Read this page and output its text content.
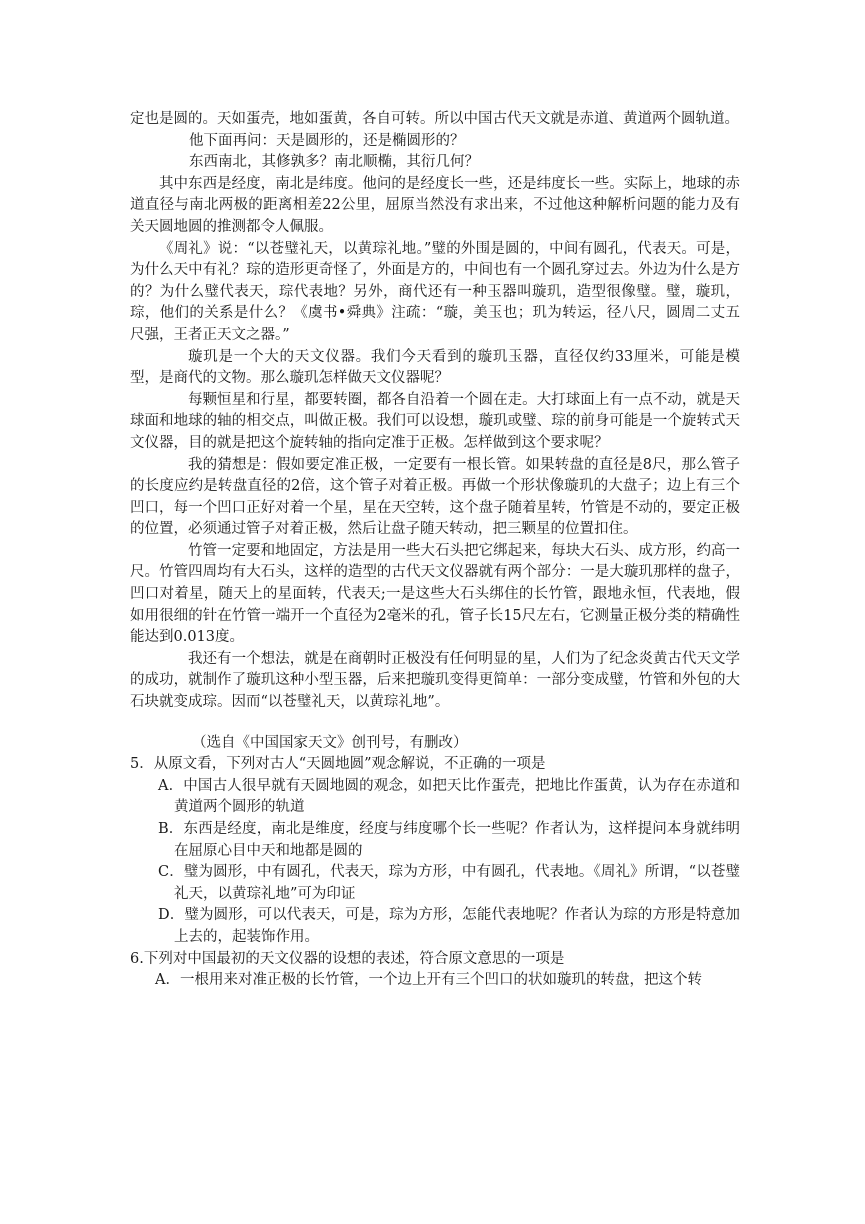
定也是圆的。天如蛋壳，地如蛋黄，各自可转。所以中国古代天文就是赤道、黄道两个圆轨道。

他下面再问：天是圆形的，还是椭圆形的？

东西南北，其修孰多？南北顺椭，其衍几何？

其中东西是经度，南北是纬度。他问的是经度长一些，还是纬度长一些。实际上，地球的赤道直径与南北两极的距离相差22公里，屈原当然没有求出来，不过他这种解析问题的能力及有关天圆地圆的推测都令人佩服。

《周礼》说：“以苍璧礼天，以黄琮礼地。”璧的外围是圆的，中间有圆孔，代表天。可是，为什么天中有礼？琮的造形更奇怪了，外面是方的，中间也有一个圆孔穿过去。外边为什么是方的？为什么璧代表天，琮代表地？另外，商代还有一种玉器叫璇玑，造型很像璧。璧，璇玑，琮，他们的关系是什么？《虞书•舜典》注疏：“璇，美玉也；玑为转运，径八尺，圆周二丈五尺强，王者正天文之器。”

璇玑是一个大的天文仪器。我们今天看到的璇玑玉器，直径仅约33厘米，可能是模型，是商代的文物。那么璇玑怎样做天文仪器呢？

每颗恒星和行星，都要转圈，都各自沿着一个圆在走。大打球面上有一点不动，就是天球面和地球的轴的相交点，叫做正极。我们可以设想，璇玑或璧、琮的前身可能是一个旋转式天文仪器，目的就是把这个旋转轴的指向定准于正极。怎样做到这个要求呢？

我的猜想是：假如要定准正极，一定要有一根长管。如果转盘的直径是8尺，那么管子的长度应约是转盘直径的2倍，这个管子对着正极。再做一个形状像璇玑的大盘子；边上有三个凹口，每一个凹口正好对着一个星，星在天空转，这个盘子随着星转，竹管是不动的，要定正极的位置，必须通过管子对着正极，然后让盘子随天转动，把三颗星的位置扣住。

竹管一定要和地固定，方法是用一些大石头把它绑起来，每块大石头、成方形，约高一尺。竹管四周均有大石头，这样的造型的古代天文仪器就有两个部分：一是大璇玑那样的盘子，凹口对着星，随天上的星面转，代表天;一是这些大石头绑住的长竹管，跟地永恒，代表地，假如用很细的针在竹管一端开一个直径为2毫米的孔，管子长15尺左右，它测量正极分类的精确性能达到0.013度。

我还有一个想法，就是在商朝时正极没有任何明显的星，人们为了纪念炎黄古代天文学的成功，就制作了璇玑这种小型玉器，后来把璇玑变得更简单：一部分变成璧，竹管和外包的大石块就变成琮。因而“以苍璧礼天，以黄琮礼地”。

（选自《中国国家天文》创刊号，有删改）

5．从原文看，下列对古人“天圆地圆”观念解说，不正确的一项是

A．中国古人很早就有天圆地圆的观念，如把天比作蛋壳，把地比作蛋黄，认为存在赤道和黄道两个圆形的轨道

B．东西是经度，南北是维度，经度与纬度哪个长一些呢？作者认为，这样提问本身就纬明在屈原心目中天和地都是圆的

C．璧为圆形，中有圆孔，代表天，琮为方形，中有圆孔，代表地。《周礼》所谓，“以苍璧礼天，以黄琮礼地”可为印证

D．璧为圆形，可以代表天，可是，琮为方形，怎能代表地呢？作者认为琮的方形是特意加上去的，起装饰作用。

6.下列对中国最初的天文仪器的设想的表述，符合原文意思的一项是

A．一根用来对准正极的长竹管，一个边上开有三个凹口的状如璇玑的转盘，把这个转
